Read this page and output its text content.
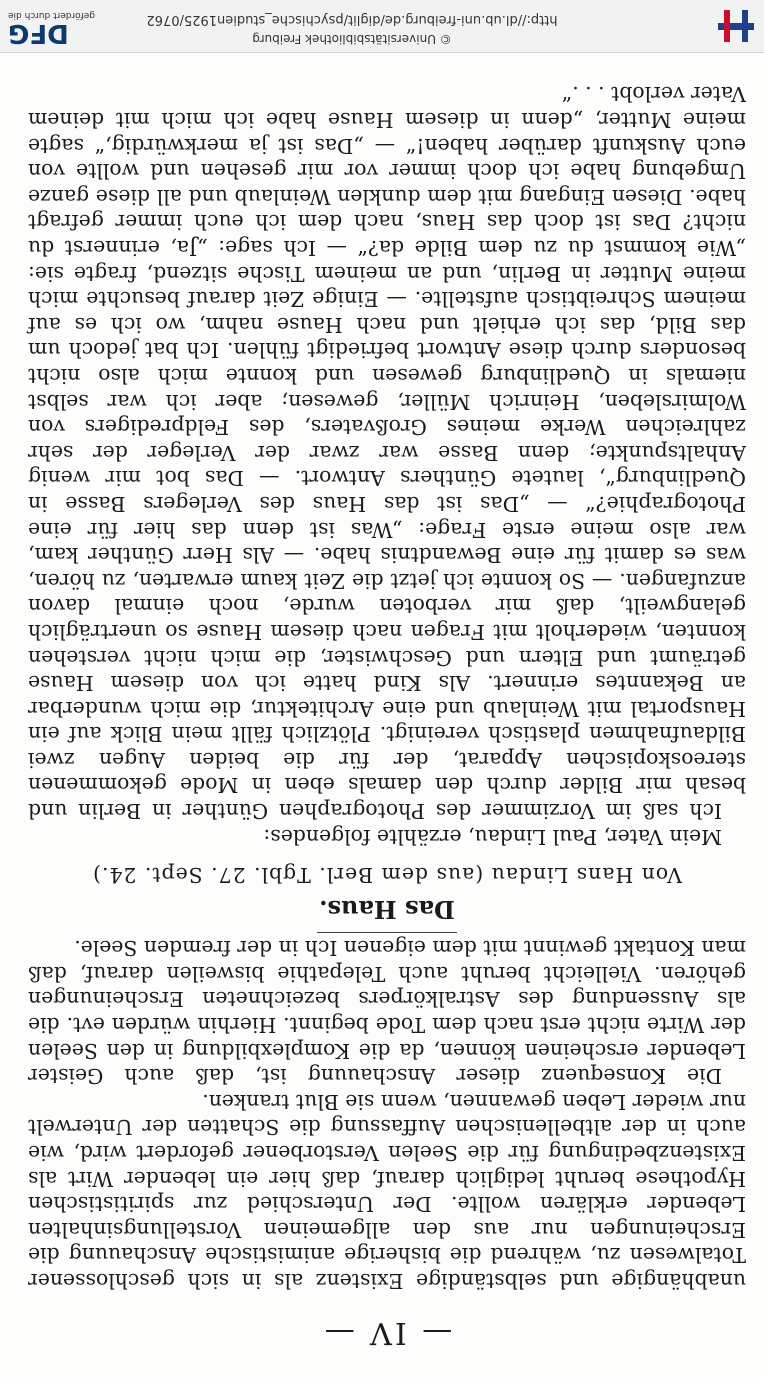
— IV —

unabhängige und selbständige Existenz als in sich geschlossener Totalwesen zu, während die bisherige animistische Anschauung die Erscheinungen nur aus den allgemeinen Vorstellungsinhalten Lebender erklären wollte. Der Unterschied zur spiritistischen Hypothese beruht lediglich darauf, daß hier ein lebender Wirt als Existenzbedingung für die Seelen Verstorbener gefordert wird, wie auch in der altbellenischen Auffassung die Schatten der Unterwelt nur wieder Leben gewannen, wenn sie Blut tranken.

Die Konsequenz dieser Anschauung ist, daß auch Geister Lebender erscheinen können, da die Komplexbildung in den Seelen der Wirte nicht erst nach dem Tode beginnt. Hierhin würden evt. die als Aussendung des Astralkörpers bezeichneten Erscheinungen gehören. Vielleicht beruht auch Telepathie bisweilen darauf, daß man Kontakt gewinnt mit dem eigenen Ich in der fremden Seele.

Das Haus.
Von Hans Lindau (aus dem Berl. Tgbl. 27. Sept. 24.)

Mein Vater, Paul Lindau, erzählte folgendes:

Ich saß im Vorzimmer des Photographen Günther in Berlin und besah mir Bilder durch den damals eben in Mode gekommenen stereoskopischen Apparat, der für die beiden Augen zwei Bildaufnahmen plastisch vereinigt. Plötzlich fällt mein Blick auf ein Hausportal mit Weinlaub und eine Architektur, die mich wunderbar an Bekanntes erinnert. Als Kind hatte ich von diesem Hause geträumt und Eltern und Geschwister, die mich nicht verstehen konnten, wiederholt mit Fragen nach diesem Hause so unerträglich gelangweilt, daß mir verboten wurde, noch einmal davon anzufangen. — So konnte ich jetzt die Zeit kaum erwarten, zu hören, was es damit für eine Bewandtnis habe. — Als Herr Günther kam, war also meine erste Frage: „Was ist denn das hier für eine Photographie?“ — „Das ist das Haus des Verlegers Basse in Quedlinburg“, lautete Günthers Antwort. — Das bot mir wenig Anhaltspunkte; denn Basse war zwar der Verleger der sehr zahlreichen Werke meines Großvaters, des Feldpredigers von Wolmirsleben, Heinrich Müller, gewesen; aber ich war selbst niemals in Quedlinburg gewesen und konnte mich also nicht besonders durch diese Antwort befriedigt fühlen. Ich bat jedoch um das Bild, das ich erhielt und nach Hause nahm, wo ich es auf meinem Schreibtisch aufstellte. — Einige Zeit darauf besuchte mich meine Mutter in Berlin, und an meinem Tische sitzend, fragte sie: „Wie kommst du zu dem Bilde da?“ — Ich sage: „Ja, erinnerst du nicht? Das ist doch das Haus, nach dem ich euch immer gefragt habe. Diesen Eingang mit dem dunklen Weinlaub und all diese ganze Umgebung habe ich doch immer vor mir gesehen und wollte von euch Auskunft darüber haben!“ — „Das ist ja merkwürdig,“ sagte meine Mutter, „denn in diesem Hause habe ich mich mit deinem Vater verlobt . . .“

© Universitätsbibliothek Freiburg
http://dl.ub.uni-freiburg.de/diglit/psychische_studien1925/0762
DFG
gefördert durch die
